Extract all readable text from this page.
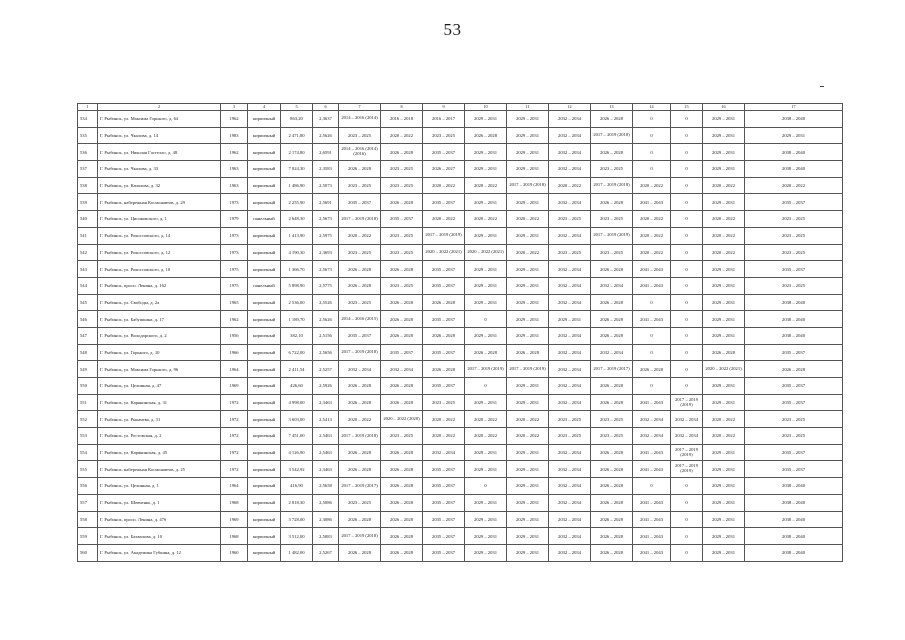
53
1	2	3	4	5	6	7	8	9	10	11	12	13	14	15	16	17
534	Г. Рыбинск, ул. Максима Горького, д. 64	1962	кирпичный	863,20	2,3637	2014 – 2016 (2014)	2016 – 2018	2016 – 2017	2029 – 2031	2029 – 2031	2032 – 2034	2026 – 2028	0	0	2029 – 2031	2038 – 2040
535	Г. Рыбинск, ул. Чкалова, д. 14	1983	кирпичный	2 471,80	2,5626	2023 – 2025	2020 – 2022	2023 – 2025	2026 – 2028	2029 – 2031	2032 – 2034	2017 – 2019 (2018)	0	0	2029 – 2031	2029 – 2031
536	Г. Рыбинск, ул. Николая Гастелло, д. 48	1962	кирпичный	2 174,80	2,6591	2014 – 2016 (2014)(2016)	2026 – 2028	2035 – 2037	2029 – 2031	2029 – 2031	2032 – 2034	2026 – 2028	0	0	2029 – 2031	2038 – 2040
537	Г. Рыбинск, ул. Чкалова, д. 33	1963	кирпичный	7 024,30	2,3583	2026 – 2028	2023 – 2025	2026 – 2027	2029 – 2031	2029 – 2031	2032 – 2034	2023 – 2025	0	0	2029 – 2031	2038 – 2040
538	Г. Рыбинск, ул. Качалова, д. 32	1963	кирпичный	1 486,90	2,5073	2023 – 2025	2023 – 2025	2020 – 2022	2020 – 2022	2017 – 2019 (2018)	2020 – 2022	2017 – 2019 (2018)	2020 – 2022	0	2020 – 2022	2020 – 2022
539	Г. Рыбинск, набережная Космонавтов, д. 29	1973	кирпичный	2 255,90	2,5691	2035 – 2037	2026 – 2028	2035 – 2037	2029 – 2031	2029 – 2031	2032 – 2034	2026 – 2028	2041 – 2043	0	2029 – 2031	2035 – 2037
540	Г. Рыбинск, ул. Циолковского, д. 1	1979	панельный	2 648,30	2,5673	2017 – 2019 (2018)	2035 – 2037	2020 – 2022	2020 – 2022	2020 – 2022	2023 – 2025	2023 – 2025	2020 – 2022	0	2020 – 2022	2023 – 2025
541	Г. Рыбинск, ул. Рокоссовского, д. 14	1973	кирпичный	1 413,90	2,5975	2020 – 2022	2023 – 2025	2017 – 2019 (2019)	2029 – 2031	2029 – 2031	2032 – 2034	2017 – 2019 (2019)	2020 – 2022	0	2020 – 2022	2023 – 2025
542	Г. Рыбинск, ул. Рокоссовского, д. 12	1973	кирпичный	4 190,30	2,3693	2023 – 2025	2023 – 2025	2020 – 2022 (2021)	2020 – 2022 (2021)	2020 – 2022	2023 – 2025	2023 – 2025	2020 – 2022	0	2020 – 2022	2023 – 2025
543	Г. Рыбинск, ул. Рокоссовского, д. 10	1975	кирпичный	1 366,70	2,5673	2026 – 2028	2026 – 2028	2035 – 2037	2029 – 2031	2029 – 2031	2032 – 2034	2026 – 2028	2041 – 2043	0	2029 – 2031	2035 – 2037
544	Г. Рыбинск, просп. Ленина, д. 162	1975	панельный	5 898,90	2,5775	2026 – 2028	2023 – 2025	2035 – 2037	2029 – 2031	2029 – 2031	2032 – 2034	2032 – 2034	2041 – 2043	0	2029 – 2031	2023 – 2025
545	Г. Рыбинск, ул. Свободы, д. 2а	1965	кирпичный	2 536,00	2,5526	2023 – 2025	2026 – 2028	2026 – 2028	2029 – 2031	2029 – 2031	2032 – 2034	2026 – 2028	0	0	2029 – 2031	2038 – 2040
546	Г. Рыбинск, ул. Бабушкина, д. 17	1962	кирпичный	1 189,70	2,5626	2014 – 2016 (2015)	2026 – 2028	2035 – 2037	0	2029 – 2031	2029 – 2031	2026 – 2028	2041 – 2043	0	2029 – 2031	2038 – 2040
547	Г. Рыбинск, ул. Володарского, д. 2	1956	кирпичный	382,10	2,5156	2035 – 2037	2026 – 2028	2026 – 2028	2029 – 2031	2029 – 2031	2032 – 2034	2026 – 2028	0	0	2029 – 2031	2038 – 2040
548	Г. Рыбинск, ул. Горького, д. 10	1966	кирпичный	6 722,00	2,5656	2017 – 2019 (2018)	2035 – 2037	2035 – 2037	2026 – 2028	2026 – 2028	2032 – 2034	2032 – 2034	0	0	2026 – 2028	2035 – 2037
549	Г. Рыбинск, ул. Максима Горького, д. 96	1964	кирпичный	2 411,54	2,5257	2032 – 2034	2032 – 2034	2026 – 2028	2017 – 2019 (2019)	2017 – 2019 (2019)	2032 – 2034	2017 – 2019 (2017)	2026 – 2028	0	2020 – 2022 (2021)	2026 – 2028
550	Г. Рыбинск, ул. Целинная, д. 47	1969	кирпичный	426,60	2,5926	2026 – 2028	2026 – 2028	2035 – 2037	0	2029 – 2031	2032 – 2034	2026 – 2028	0	0	2029 – 2031	2035 – 2037
551	Г. Рыбинск, ул. Карякинская, д. 31	1972	кирпичный	4 998,00	2,3463	2026 – 2028	2026 – 2028	2023 – 2025	2029 – 2031	2029 – 2031	2032 – 2034	2026 – 2028	2041 – 2043	2017 – 2019 (2019)	2029 – 2031	2035 – 2037
552	Г. Рыбинск, ул. Рыкачева, д. 31	1972	кирпичный	3 603,00	2,5413	2020 – 2022	2020 – 2022 (2020)	2020 – 2022	2020 – 2022	2020 – 2022	2023 – 2025	2023 – 2025	2032 – 2034	2032 – 2034	2020 – 2022	2023 – 2025
553	Г. Рыбинск, ул. Ростовская, д. 2	1972	кирпичный	7 451,00	2,5463	2017 – 2019 (2018)	2023 – 2025	2020 – 2022	2020 – 2022	2020 – 2022	2023 – 2025	2023 – 2025	2032 – 2034	2032 – 2034	2020 – 2022	2023 – 2025
554	Г. Рыбинск, ул. Карякинская, д. 45	1972	кирпичный	4 126,90	2,5463	2026 – 2028	2026 – 2028	2032 – 2034	2029 – 2031	2029 – 2031	2032 – 2034	2026 – 2028	2041 – 2043	2017 – 2019 (2019)	2029 – 2031	2035 – 2037
555	Г. Рыбинск, набережная Космонавтов, д. 25	1972	кирпичный	3 542,92	2,3463	2026 – 2028	2026 – 2028	2035 – 2037	2029 – 2031	2029 – 2031	2032 – 2034	2026 – 2028	2041 – 2043	2017 – 2019 (2019)	2029 – 2031	2035 – 2037
556	Г. Рыбинск, ул. Целинная, д. 1	1964	кирпичный	416,90	2,5658	2017 – 2019 (2017)	2026 – 2028	2035 – 2037	0	2029 – 2031	2032 – 2034	2026 – 2028	0	0	2029 – 2031	2038 – 2040
557	Г. Рыбинск, ул. Шевченко, д. 1	1968	кирпичный	2 818,30	2,5086	2023 – 2025	2026 – 2028	2035 – 2037	2029 – 2031	2029 – 2031	2032 – 2034	2026 – 2028	2041 – 2043	0	2029 – 2031	2038 – 2040
558	Г. Рыбинск, просп. Ленина, д. 47б	1969	кирпичный	3 728,00	2,3086	2026 – 2028	2026 – 2028	2035 – 2037	2029 – 2031	2029 – 2031	2032 – 2034	2026 – 2028	2041 – 2043	0	2029 – 2031	2038 – 2040
559	Г. Рыбинск, ул. Бахвалова, д. 10	1968	кирпичный	3 512,00	2,5083	2017 – 2019 (2018)	2026 – 2028	2035 – 2037	2029 – 2031	2029 – 2031	2032 – 2034	2026 – 2028	2041 – 2043	0	2029 – 2031	2038 – 2040
560	Г. Рыбинск, ул. Академика Губкина, д. 12	1960	кирпичный	1 482,00	2,5267	2026 – 2028	2026 – 2028	2035 – 2037	2029 – 2031	2029 – 2031	2032 – 2034	2026 – 2028	2041 – 2043	0	2029 – 2031	2038 – 2040
